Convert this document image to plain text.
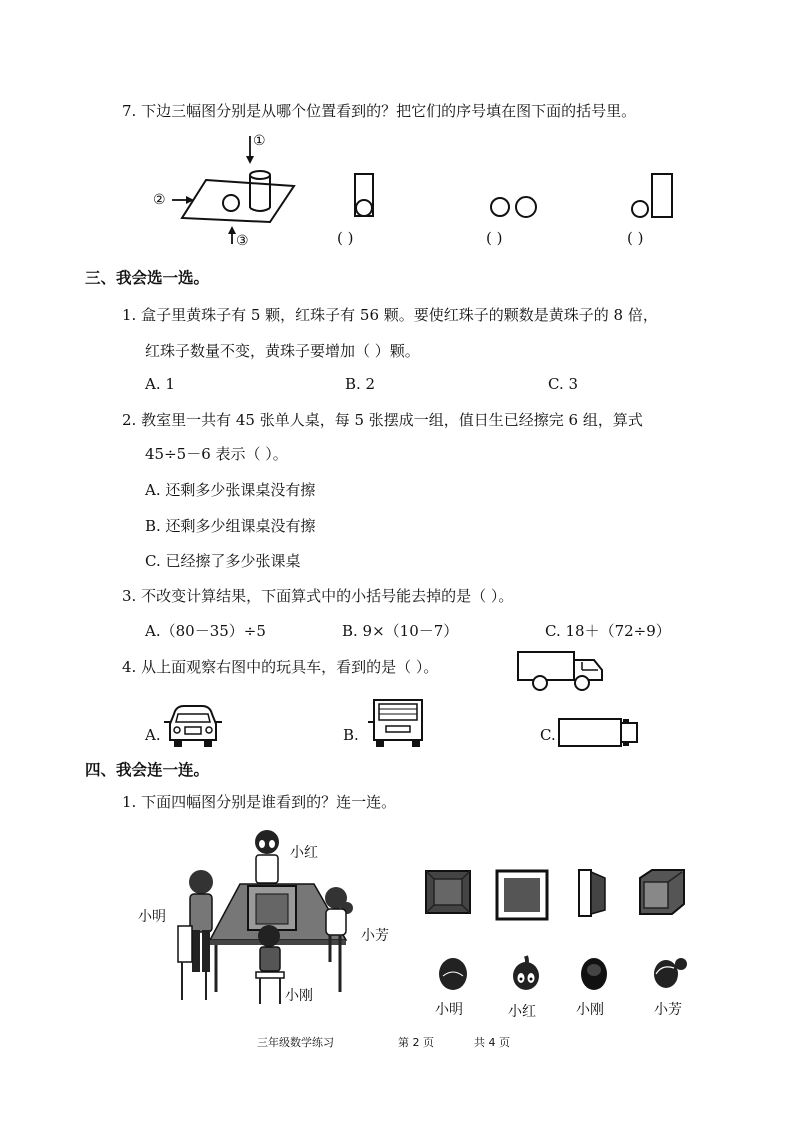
7. 下边三幅图分别是从哪个位置看到的？把它们的序号填在图下面的括号里。
①
②
③	( )	( )	( )
三、我会选一选。
1. 盒子里黄珠子有 5 颗，红珠子有 56 颗。要使红珠子的颗数是黄珠子的 8 倍，
红珠子数量不变，黄珠子要增加（ ）颗。
A. 1	B. 2	C. 3
2. 教室里一共有 45 张单人桌，每 5 张摆成一组，值日生已经擦完 6 组，算式
45÷5－6 表示（ ）。
A. 还剩多少张课桌没有擦
B. 还剩多少组课桌没有擦
C. 已经擦了多少张课桌
3. 不改变计算结果，下面算式中的小括号能去掉的是（ ）。
A.（80－35）÷5	B. 9×（10－7）	C. 18＋（72÷9）
4. 从上面观察右图中的玩具车，看到的是（ ）。
A.	B.	C.
四、我会连一连。
1. 下面四幅图分别是谁看到的？连一连。
小红
小明
小芳
小刚
小明	小红	小刚	小芳
三年级数学练习	第 2 页	共 4 页
